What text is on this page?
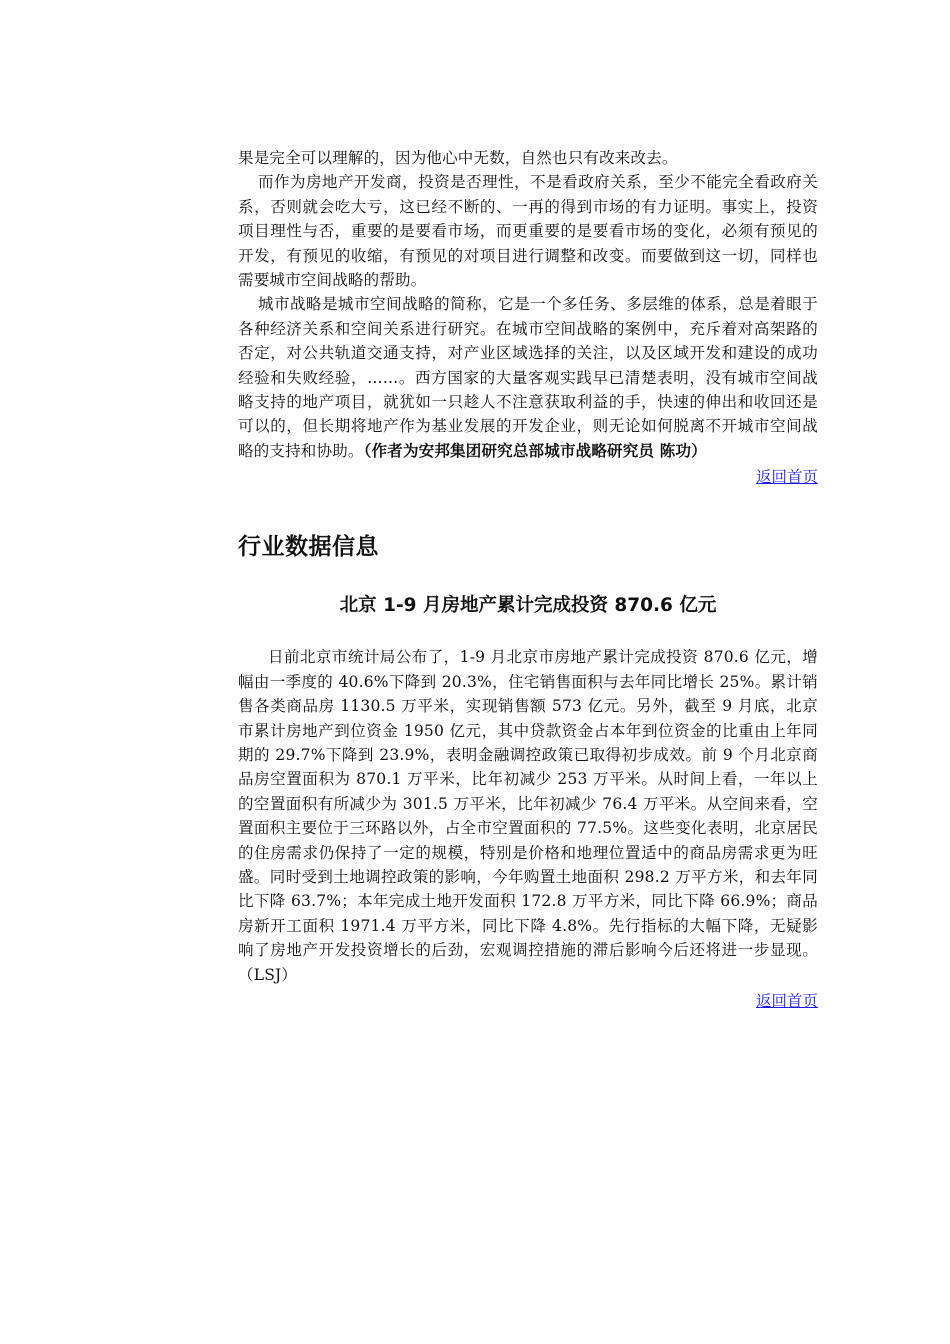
果是完全可以理解的，因为他心中无数，自然也只有改来改去。

而作为房地产开发商，投资是否理性，不是看政府关系，至少不能完全看政府关系，否则就会吃大亏，这已经不断的、一再的得到市场的有力证明。事实上，投资项目理性与否，重要的是要看市场，而更重要的是要看市场的变化，必须有预见的开发，有预见的收缩，有预见的对项目进行调整和改变。而要做到这一切，同样也需要城市空间战略的帮助。

城市战略是城市空间战略的简称，它是一个多任务、多层维的体系，总是着眼于各种经济关系和空间关系进行研究。在城市空间战略的案例中，充斥着对高架路的否定，对公共轨道交通支持，对产业区域选择的关注，以及区域开发和建设的成功经验和失败经验，……。西方国家的大量客观实践早已清楚表明，没有城市空间战略支持的地产项目，就犹如一只趁人不注意获取利益的手，快速的伸出和收回还是可以的，但长期将地产作为基业发展的开发企业，则无论如何脱离不开城市空间战略的支持和协助。（作者为安邦集团研究总部城市战略研究员 陈功）

返回首页
行业数据信息
北京 1-9 月房地产累计完成投资 870.6 亿元

日前北京市统计局公布了，1-9 月北京市房地产累计完成投资 870.6 亿元，增幅由一季度的 40.6%下降到 20.3%，住宅销售面积与去年同比增长 25%。累计销售各类商品房 1130.5 万平米，实现销售额 573 亿元。另外，截至 9 月底，北京市累计房地产到位资金 1950 亿元，其中贷款资金占本年到位资金的比重由上年同期的 29.7%下降到 23.9%，表明金融调控政策已取得初步成效。前 9 个月北京商品房空置面积为 870.1 万平米，比年初减少 253 万平米。从时间上看，一年以上的空置面积有所减少为 301.5 万平米，比年初减少 76.4 万平米。从空间来看，空置面积主要位于三环路以外，占全市空置面积的 77.5%。这些变化表明，北京居民的住房需求仍保持了一定的规模，特别是价格和地理位置适中的商品房需求更为旺盛。同时受到土地调控政策的影响，今年购置土地面积 298.2 万平方米，和去年同比下降 63.7%；本年完成土地开发面积 172.8 万平方米，同比下降 66.9%；商品房新开工面积 1971.4 万平方米，同比下降 4.8%。先行指标的大幅下降，无疑影响了房地产开发投资增长的后劲，宏观调控措施的滞后影响今后还将进一步显现。（LSJ）

返回首页
